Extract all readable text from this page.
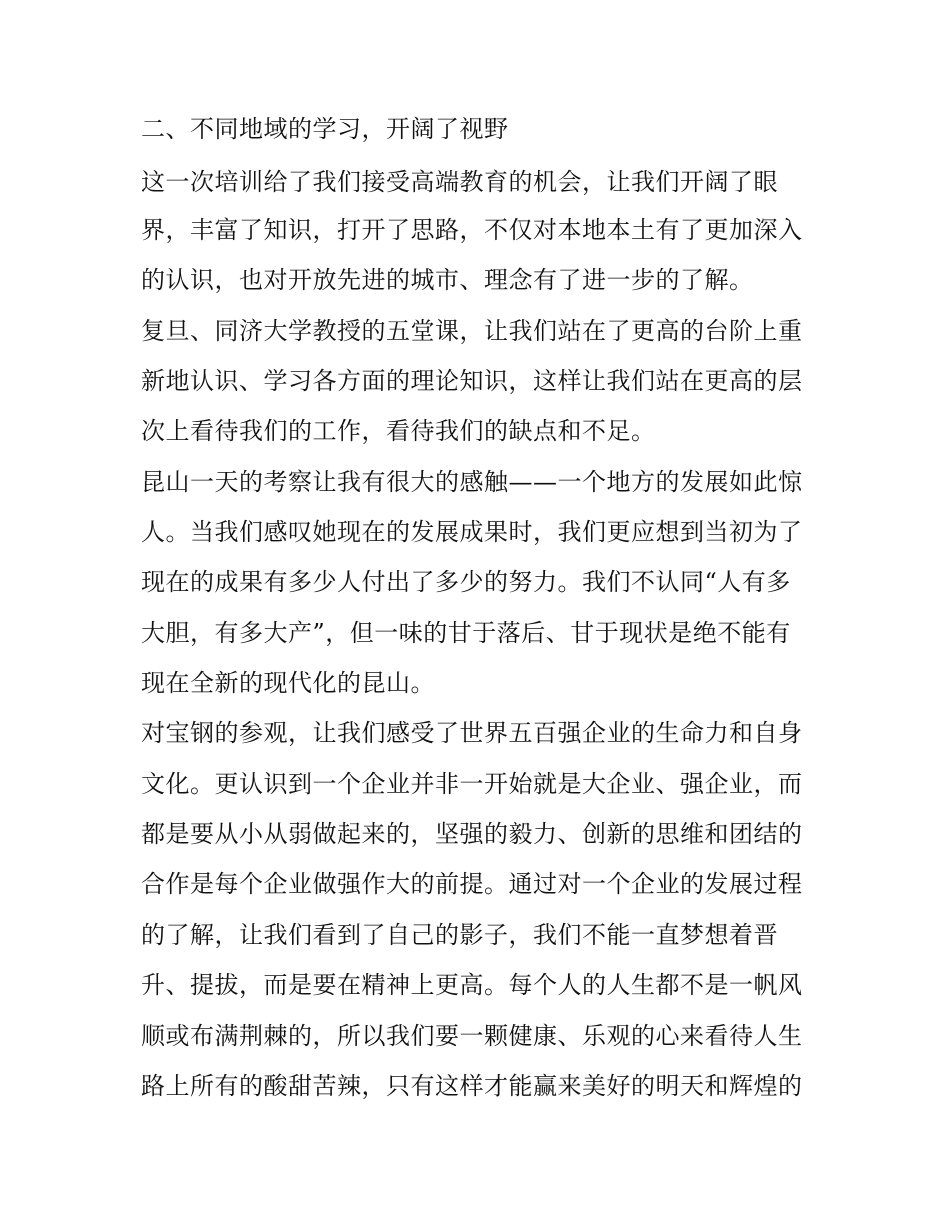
二、不同地域的学习，开阔了视野
这一次培训给了我们接受高端教育的机会，让我们开阔了眼
界，丰富了知识，打开了思路，不仅对本地本土有了更加深入
的认识，也对开放先进的城市、理念有了进一步的了解。
复旦、同济大学教授的五堂课，让我们站在了更高的台阶上重
新地认识、学习各方面的理论知识，这样让我们站在更高的层
次上看待我们的工作，看待我们的缺点和不足。
昆山一天的考察让我有很大的感触——一个地方的发展如此惊
人。当我们感叹她现在的发展成果时，我们更应想到当初为了
现在的成果有多少人付出了多少的努力。我们不认同“人有多
大胆，有多大产”，但一味的甘于落后、甘于现状是绝不能有
现在全新的现代化的昆山。
对宝钢的参观，让我们感受了世界五百强企业的生命力和自身
文化。更认识到一个企业并非一开始就是大企业、强企业，而
都是要从小从弱做起来的，坚强的毅力、创新的思维和团结的
合作是每个企业做强作大的前提。通过对一个企业的发展过程
的了解，让我们看到了自己的影子，我们不能一直梦想着晋
升、提拔，而是要在精神上更高。每个人的人生都不是一帆风
顺或布满荆棘的，所以我们要一颗健康、乐观的心来看待人生
路上所有的酸甜苦辣，只有这样才能赢来美好的明天和辉煌的
